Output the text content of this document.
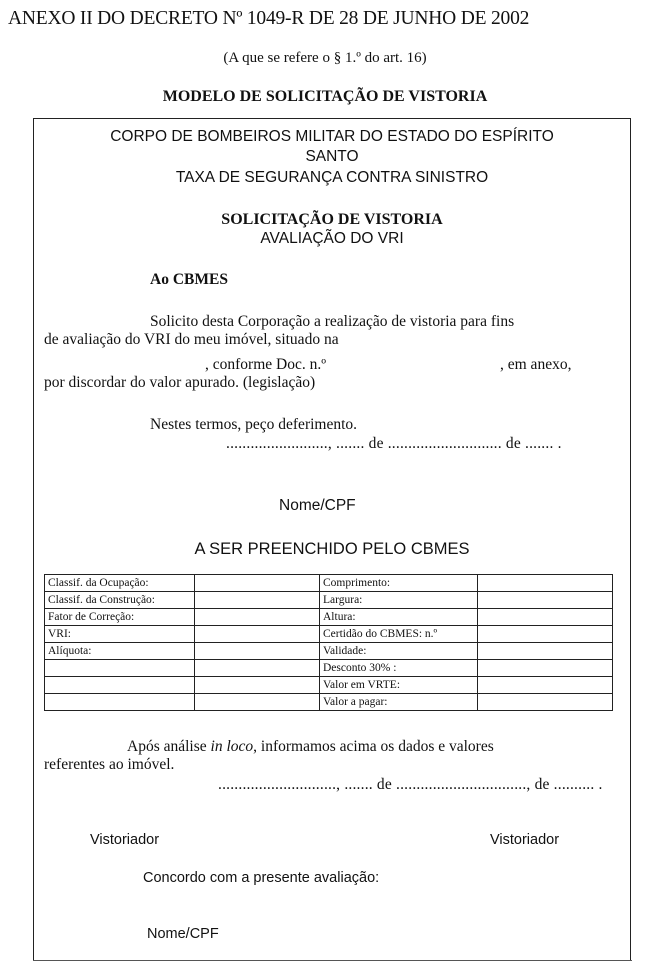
ANEXO II DO DECRETO Nº 1049-R DE 28 DE JUNHO DE 2002
(A que se refere o § 1.º do art. 16)
MODELO DE SOLICITAÇÃO DE VISTORIA
CORPO DE BOMBEIROS MILITAR DO ESTADO DO ESPÍRITO
SANTO
TAXA DE SEGURANÇA CONTRA SINISTRO
SOLICITAÇÃO DE VISTORIA
AVALIAÇÃO DO VRI
Ao CBMES
Solicito desta Corporação a realização de vistoria para fins
de avaliação do VRI do meu imóvel, situado na
, conforme Doc. n.º	, em anexo,
por discordar do valor apurado. (legislação)
Nestes termos, peço deferimento.
........................., ....... de ............................ de ....... .
Nome/CPF
A SER PREENCHIDO PELO CBMES
Classif. da Ocupação:		Comprimento:	
Classif. da Construção:		Largura:	
Fator de Correção:		Altura:	
VRI:		Certidão do CBMES: n.º	
Alíquota:		Validade:	
		Desconto 30% :	
		Valor em VRTE:	
		Valor a pagar:	
Após análise in loco, informamos acima os dados e valores
referentes ao imóvel.
............................., ....... de ................................, de .......... .
Vistoriador	Vistoriador
Concordo com a presente avaliação:
Nome/CPF
